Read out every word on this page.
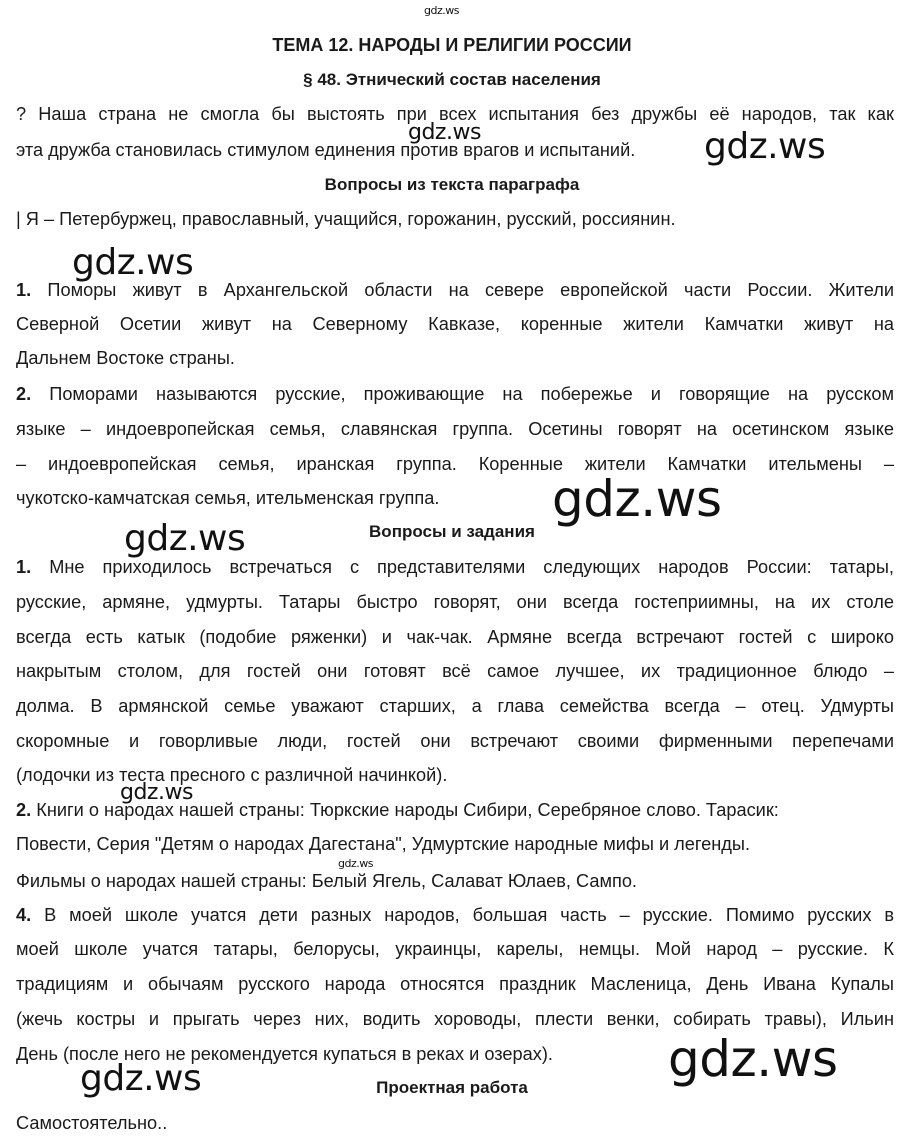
gdz.ws
gdz.ws	gdz.ws
gdz.ws
gdz.ws
gdz.ws
gdz.ws
gdz.ws
gdz.ws
gdz.ws
ТЕМА 12. НАРОДЫ И РЕЛИГИИ РОССИИ
§ 48. Этнический состав населения
? Наша страна не смогла бы выстоять при всех испытания без дружбы её народов, так как
эта дружба становилась стимулом единения против врагов и испытаний.
Вопросы из текста параграфа
| Я – Петербуржец, православный, учащийся, горожанин, русский, россиянин.
1. Поморы живут в Архангельской области на севере европейской части России. Жители
Северной Осетии живут на Северному Кавказе, коренные жители Камчатки живут на
Дальнем Востоке страны.
2. Поморами называются русские, проживающие на побережье и говорящие на русском
языке – индоевропейская семья, славянская группа. Осетины говорят на осетинском языке
– индоевропейская семья, иранская группа. Коренные жители Камчатки ительмены –
чукотско-камчатская семья, ительменская группа.
Вопросы и задания
1. Мне приходилось встречаться с представителями следующих народов России: татары,
русские, армяне, удмурты. Татары быстро говорят, они всегда гостеприимны, на их столе
всегда есть катык (подобие ряженки) и чак-чак. Армяне всегда встречают гостей с широко
накрытым столом, для гостей они готовят всё самое лучшее, их традиционное блюдо –
долма. В армянской семье уважают старших, а глава семейства всегда – отец. Удмурты
скоромные и говорливые люди, гостей они встречают своими фирменными перепечами
(лодочки из теста пресного с различной начинкой).
2. Книги о народах нашей страны: Тюркские народы Сибири, Серебряное слово. Тарасик:
Повести, Серия "Детям о народах Дагестана", Удмуртские народные мифы и легенды.
Фильмы о народах нашей страны: Белый Ягель, Салават Юлаев, Сампо.
4. В моей школе учатся дети разных народов, большая часть – русские. Помимо русских в
моей школе учатся татары, белорусы, украинцы, карелы, немцы. Мой народ – русские. К
традициям и обычаям русского народа относятся праздник Масленица, День Ивана Купалы
(жечь костры и прыгать через них, водить хороводы, плести венки, собирать травы), Ильин
День (после него не рекомендуется купаться в реках и озерах).
Проектная работа
Самостоятельно..
